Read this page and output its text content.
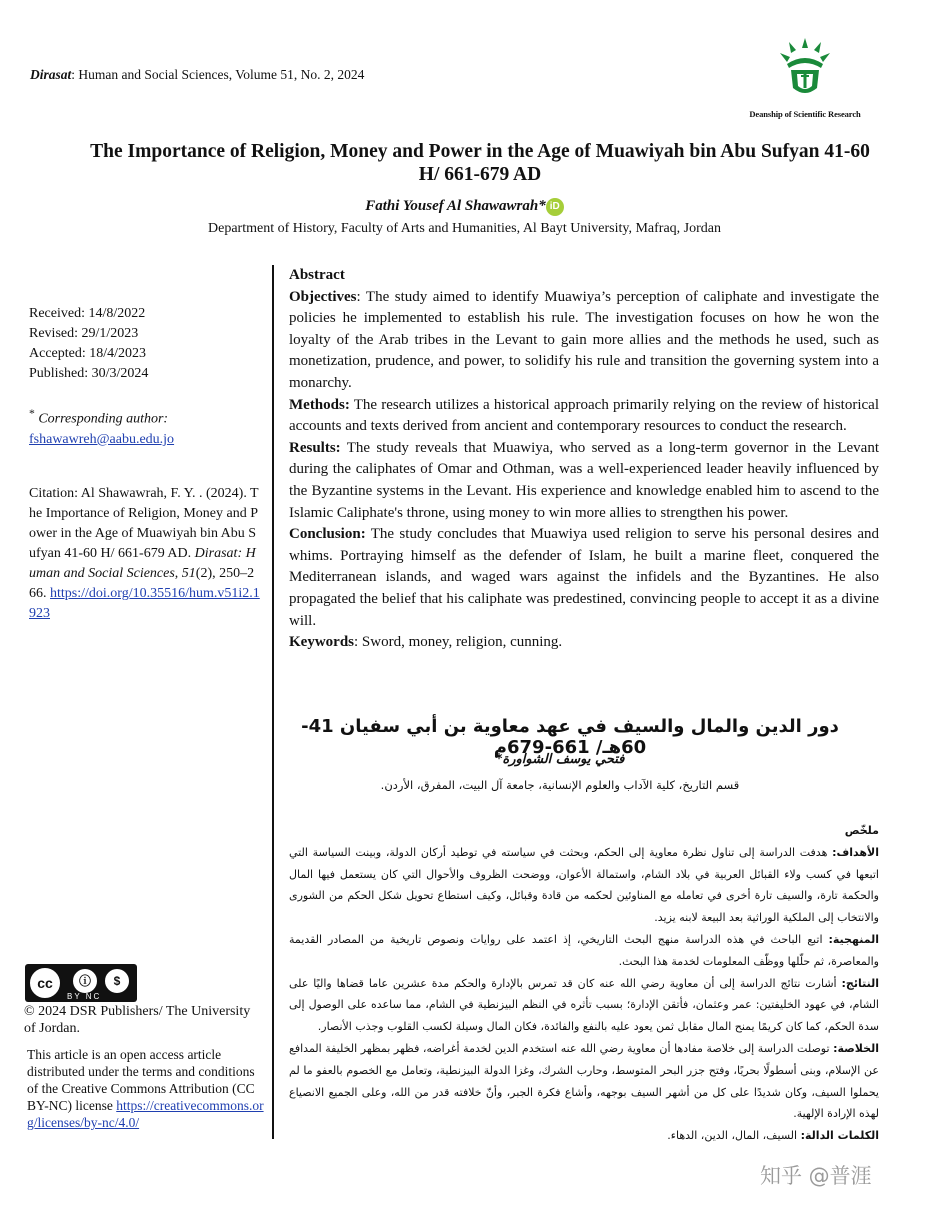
Dirasat: Human and Social Sciences, Volume 51, No. 2, 2024
Deanship of Scientific Research
The Importance of Religion, Money and Power in the Age of Muawiyah bin Abu Sufyan 41-60
H/ 661-679 AD
Fathi Yousef Al Shawawrah* iD
Department of History, Faculty of Arts and Humanities, Al Bayt University, Mafraq, Jordan
Received: 14/8/2022
Revised: 29/1/2023
Accepted: 18/4/2023
Published: 30/3/2024
* Corresponding author:
fshawawreh@aabu.edu.jo
Citation: Al Shawawrah, F. Y. . (2024). The Importance of Religion, Money and Power in the Age of Muawiyah bin Abu Sufyan 41-60 H/ 661-679 AD. Dirasat: Human and Social Sciences, 51(2), 250–266. https://doi.org/10.35516/hum.v51i2.1923
cc	ⓘ	$
BY NC
© 2024 DSR Publishers/ The University of Jordan.
This article is an open access article distributed under the terms and conditions of the Creative Commons Attribution (CC BY-NC) license https://creativecommons.org/licenses/by-nc/4.0/

Abstract

Objectives: The study aimed to identify Muawiya’s perception of caliphate and investigate the policies he implemented to establish his rule. The investigation focuses on how he won the loyalty of the Arab tribes in the Levant to gain more allies and the methods he used, such as monetization, prudence, and power, to solidify his rule and transition the governing system into a monarchy.

Methods: The research utilizes a historical approach primarily relying on the review of historical accounts and texts derived from ancient and contemporary resources to conduct the research.

Results: The study reveals that Muawiya, who served as a long-term governor in the Levant during the caliphates of Omar and Othman, was a well-experienced leader heavily influenced by the Byzantine systems in the Levant. His experience and knowledge enabled him to ascend to the Islamic Caliphate's throne, using money to win more allies to strengthen his power.

Conclusion: The study concludes that Muawiya used religion to serve his personal desires and whims. Portraying himself as the defender of Islam, he built a marine fleet, conquered the Mediterranean islands, and waged wars against the infidels and the Byzantines. He also propagated the belief that his caliphate was predestined, convincing people to accept it as a divine will.

Keywords: Sword, money, religion, cunning.

دور الدين والمال والسيف في عهد معاوية بن أبي سفيان 41-60هـ/ 661-679م
فتحي يوسف الشواورة*
قسم التاريخ، كلية الآداب والعلوم الإنسانية، جامعة آل البيت، المفرق، الأردن.

ملخّص

الأهداف: هدفت الدراسة إلى تناول نظرة معاوية إلى الحكم، وبحثت في سياسته في توطيد أركان الدولة، وبينت السياسة التي اتبعها في كسب ولاء القبائل العربية في بلاد الشام، واستمالة الأعوان، ووضحت الظروف والأحوال التي كان يستعمل فيها المال والحكمة تارة، والسيف تارة أخرى في تعامله مع المناوئين لحكمه من قادة وقبائل، وكيف استطاع تحويل شكل الحكم من الشورى والانتخاب إلى الملكية الوراثية بعد البيعة لابنه يزيد.

المنهجية: اتبع الباحث في هذه الدراسة منهج البحث التاريخي، إذ اعتمد على روايات ونصوص تاريخية من المصادر القديمة والمعاصرة، ثم حلّلها ووظّف المعلومات لخدمة هذا البحث.

النتائج: أشارت نتائج الدراسة إلى أن معاوية رضي الله عنه كان قد تمرس بالإدارة والحكم مدة عشرين عاما قضاها واليًا على الشام، في عهود الخليفتين: عمر وعثمان، فأتقن الإدارة؛ بسبب تأثره في النظم البيزنطية في الشام، مما ساعده على الوصول إلى سدة الحكم، كما كان كريمًا يمنح المال مقابل ثمن يعود عليه بالنفع والفائدة، فكان المال وسيلة لكسب القلوب وجذب الأنصار.

الخلاصة: توصلت الدراسة إلى خلاصة مفادها أن معاوية رضي الله عنه استخدم الدين لخدمة أغراضه، فظهر بمظهر الخليفة المدافع عن الإسلام، وبنى أسطولًا بحريًا، وفتح جزر البحر المتوسط، وحارب الشرك، وغزا الدولة البيزنطية، وتعامل مع الخصوم بالعفو ما لم يحملوا السيف، وكان شديدًا على كل من أشهر السيف بوجهه، وأشاع فكرة الجبر، وأنّ خلافته قدر من الله، وعلى الجميع الانصياع لهذه الإرادة الإلهية.

الكلمات الدالة: السيف، المال، الدين، الدهاء.

知乎 @普涯
